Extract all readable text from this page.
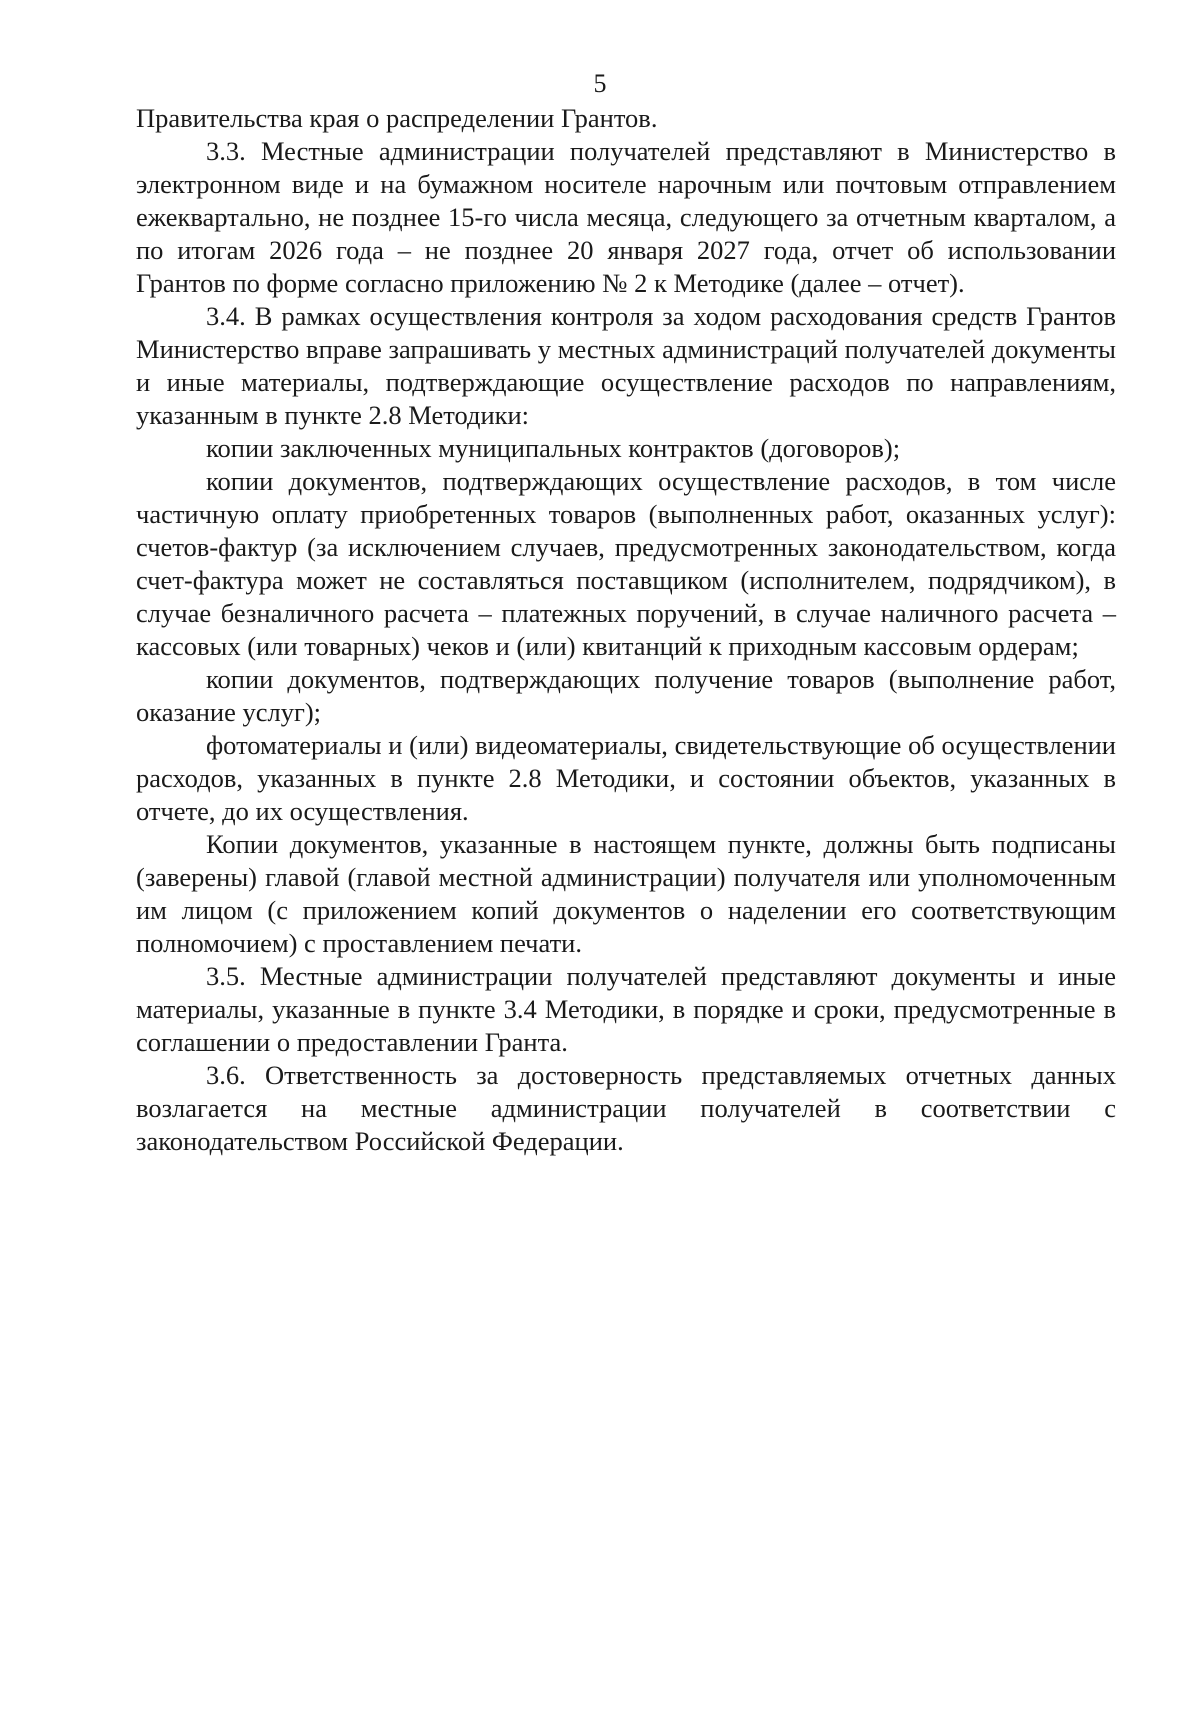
5

Правительства края о распределении Грантов.

3.3. Местные администрации получателей представляют в Министерство в электронном виде и на бумажном носителе нарочным или почтовым отправлением ежеквартально, не позднее 15-го числа месяца, следующего за отчетным кварталом, а по итогам 2026 года – не позднее 20 января 2027 года, отчет об использовании Грантов по форме согласно приложению № 2 к Методике (далее – отчет).

3.4. В рамках осуществления контроля за ходом расходования средств Грантов Министерство вправе запрашивать у местных администраций получателей документы и иные материалы, подтверждающие осуществление расходов по направлениям, указанным в пункте 2.8 Методики:

копии заключенных муниципальных контрактов (договоров);

копии документов, подтверждающих осуществление расходов, в том числе частичную оплату приобретенных товаров (выполненных работ, оказанных услуг): счетов-фактур (за исключением случаев, предусмотренных законодательством, когда счет-фактура может не составляться поставщиком (исполнителем, подрядчиком), в случае безналичного расчета – платежных поручений, в случае наличного расчета – кассовых (или товарных) чеков и (или) квитанций к приходным кассовым ордерам;

копии документов, подтверждающих получение товаров (выполнение работ, оказание услуг);

фотоматериалы и (или) видеоматериалы, свидетельствующие об осуществлении расходов, указанных в пункте 2.8 Методики, и состоянии объектов, указанных в отчете, до их осуществления.

Копии документов, указанные в настоящем пункте, должны быть подписаны (заверены) главой (главой местной администрации) получателя или уполномоченным им лицом (с приложением копий документов о наделении его соответствующим полномочием) с проставлением печати.

3.5. Местные администрации получателей представляют документы и иные материалы, указанные в пункте 3.4 Методики, в порядке и сроки, предусмотренные в соглашении о предоставлении Гранта.

3.6. Ответственность за достоверность представляемых отчетных данных возлагается на местные администрации получателей в соответствии с законодательством Российской Федерации.
